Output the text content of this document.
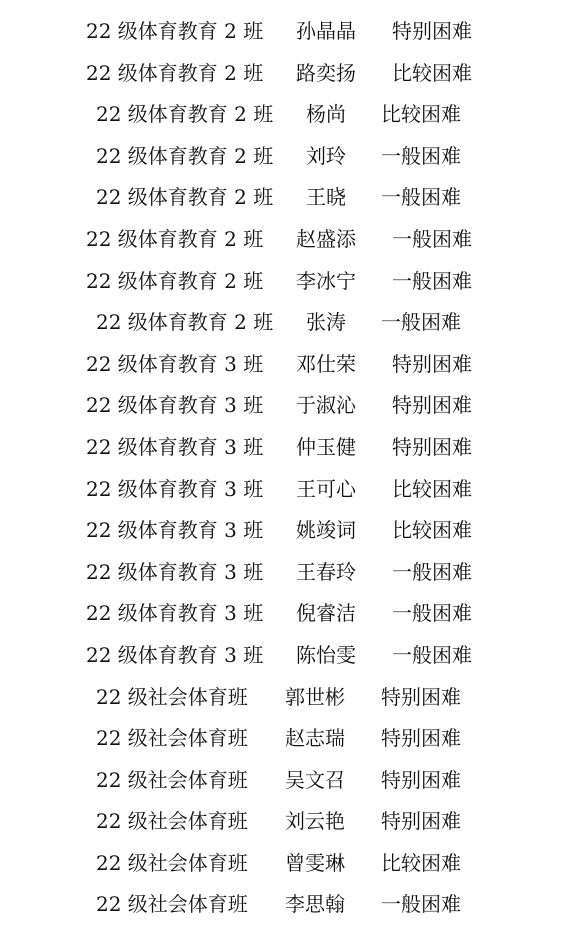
22 级体育教育 2 班 孙晶晶 特别困难
22 级体育教育 2 班 路奕扬 比较困难
22 级体育教育 2 班 杨尚 比较困难
22 级体育教育 2 班 刘玲 一般困难
22 级体育教育 2 班 王晓 一般困难
22 级体育教育 2 班 赵盛添 一般困难
22 级体育教育 2 班 李冰宁 一般困难
22 级体育教育 2 班 张涛 一般困难
22 级体育教育 3 班 邓仕荣 特别困难
22 级体育教育 3 班 于淑沁 特别困难
22 级体育教育 3 班 仲玉健 特别困难
22 级体育教育 3 班 王可心 比较困难
22 级体育教育 3 班 姚竣词 比较困难
22 级体育教育 3 班 王春玲 一般困难
22 级体育教育 3 班 倪睿洁 一般困难
22 级体育教育 3 班 陈怡雯 一般困难
22 级社会体育班 郭世彬 特别困难
22 级社会体育班 赵志瑞 特别困难
22 级社会体育班 吴文召 特别困难
22 级社会体育班 刘云艳 特别困难
22 级社会体育班 曾雯琳 比较困难
22 级社会体育班 李思翰 一般困难
